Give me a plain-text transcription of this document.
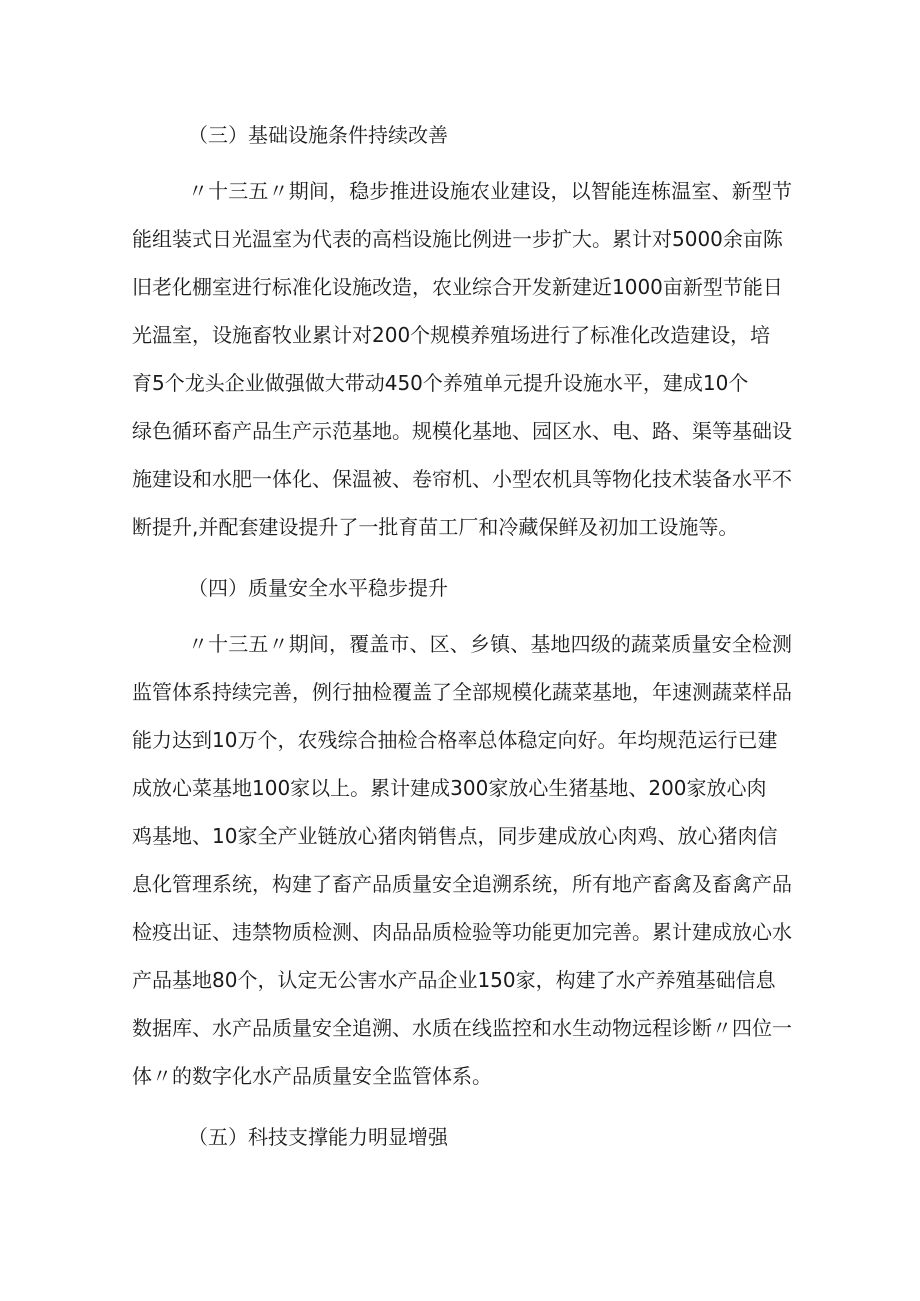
（三）基础设施条件持续改善
〃十三五〃期间，稳步推进设施农业建设，以智能连栋温室、新型节
能组装式日光温室为代表的高档设施比例进一步扩大。累计对5000余亩陈
旧老化棚室进行标准化设施改造，农业综合开发新建近1000亩新型节能日
光温室，设施畜牧业累计对200个规模养殖场进行了标准化改造建设，培
育5个龙头企业做强做大带动450个养殖单元提升设施水平，建成10个
绿色循环畜产品生产示范基地。规模化基地、园区水、电、路、渠等基础设
施建设和水肥一体化、保温被、卷帘机、小型农机具等物化技术装备水平不
断提升,并配套建设提升了一批育苗工厂和冷藏保鲜及初加工设施等。
（四）质量安全水平稳步提升
〃十三五〃期间，覆盖市、区、乡镇、基地四级的蔬菜质量安全检测
监管体系持续完善，例行抽检覆盖了全部规模化蔬菜基地，年速测蔬菜样品
能力达到10万个，农残综合抽检合格率总体稳定向好。年均规范运行已建
成放心菜基地100家以上。累计建成300家放心生猪基地、200家放心肉
鸡基地、10家全产业链放心猪肉销售点，同步建成放心肉鸡、放心猪肉信
息化管理系统，构建了畜产品质量安全追溯系统，所有地产畜禽及畜禽产品
检疫出证、违禁物质检测、肉品品质检验等功能更加完善。累计建成放心水
产品基地80个，认定无公害水产品企业150家，构建了水产养殖基础信息
数据库、水产品质量安全追溯、水质在线监控和水生动物远程诊断〃四位一
体〃的数字化水产品质量安全监管体系。
（五）科技支撑能力明显增强
